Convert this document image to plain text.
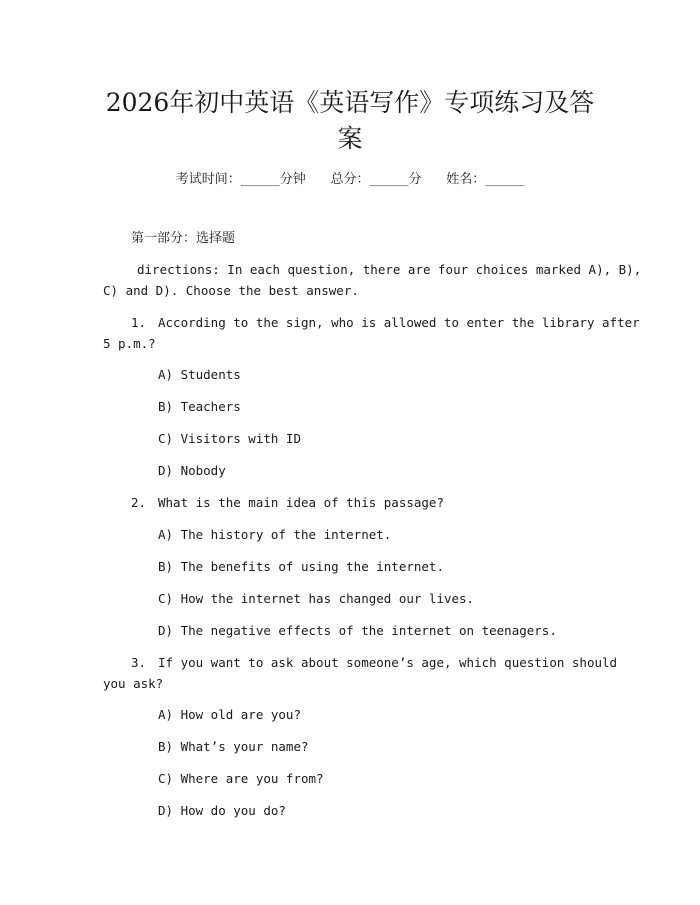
2026年初中英语《英语写作》专项练习及答
案
考试时间：______分钟      总分：______分      姓名：______
第一部分：选择题
directions: In each question, there are four choices marked A), B),
C) and D). Choose the best answer.
1. According to the sign, who is allowed to enter the library after
5 p.m.?
A) Students
B) Teachers
C) Visitors with ID
D) Nobody
2. What is the main idea of this passage?
A) The history of the internet.
B) The benefits of using the internet.
C) How the internet has changed our lives.
D) The negative effects of the internet on teenagers.
3. If you want to ask about someone’s age, which question should
you ask?
A) How old are you?
B) What’s your name?
C) Where are you from?
D) How do you do?
